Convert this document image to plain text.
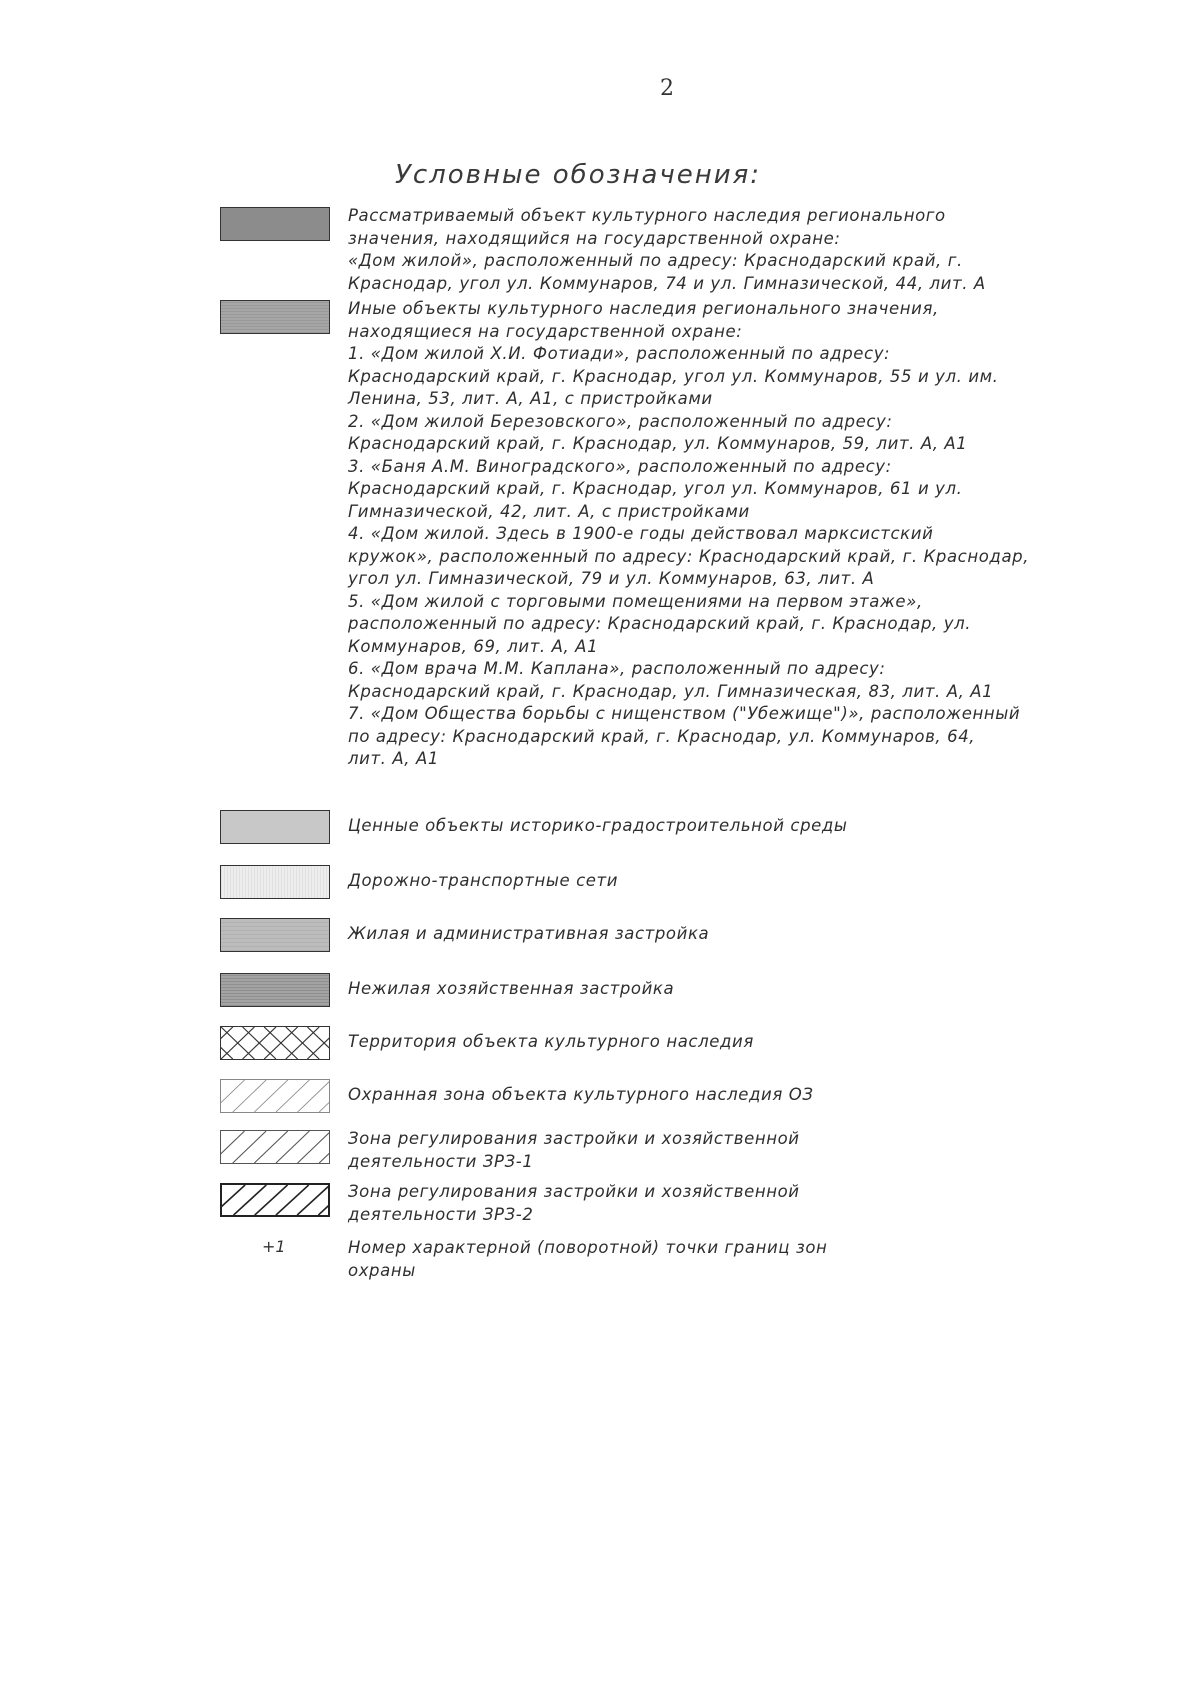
2
Условные обозначения:
Рассматриваемый объект культурного наследия регионального
значения, находящийся на государственной охране:
«Дом жилой», расположенный по адресу: Краснодарский край, г.
Краснодар, угол ул. Коммунаров, 74 и ул. Гимназической, 44, лит. А
Иные объекты культурного наследия регионального значения,
находящиеся на государственной охране:
1. «Дом жилой Х.И. Фотиади», расположенный по адресу:
Краснодарский край, г. Краснодар, угол ул. Коммунаров, 55 и ул. им.
Ленина, 53, лит. А, А1, с пристройками
2. «Дом жилой Березовского», расположенный по адресу:
Краснодарский край, г. Краснодар, ул. Коммунаров, 59, лит. А, А1
3. «Баня А.М. Виноградского», расположенный по адресу:
Краснодарский край, г. Краснодар, угол ул. Коммунаров, 61 и ул.
Гимназической, 42, лит. А, с пристройками
4. «Дом жилой. Здесь в 1900-е годы действовал марксистский
кружок», расположенный по адресу: Краснодарский край, г. Краснодар,
угол ул. Гимназической, 79 и ул. Коммунаров, 63, лит. А
5. «Дом жилой с торговыми помещениями на первом этаже»,
расположенный по адресу: Краснодарский край, г. Краснодар, ул.
Коммунаров, 69, лит. А, А1
6. «Дом врача М.М. Каплана», расположенный по адресу:
Краснодарский край, г. Краснодар, ул. Гимназическая, 83, лит. А, А1
7. «Дом Общества борьбы с нищенством ("Убежище")», расположенный
по адресу: Краснодарский край, г. Краснодар, ул. Коммунаров, 64,
лит. А, А1
Ценные объекты историко-градостроительной среды
Дорожно-транспортные сети
Жилая и административная застройка
Нежилая хозяйственная застройка
Территория объекта культурного наследия
Охранная зона объекта культурного наследия ОЗ
Зона регулирования застройки и хозяйственной
деятельности ЗРЗ-1
Зона регулирования застройки и хозяйственной
деятельности ЗРЗ-2
+1	Номер характерной (поворотной) точки границ зон
охраны
